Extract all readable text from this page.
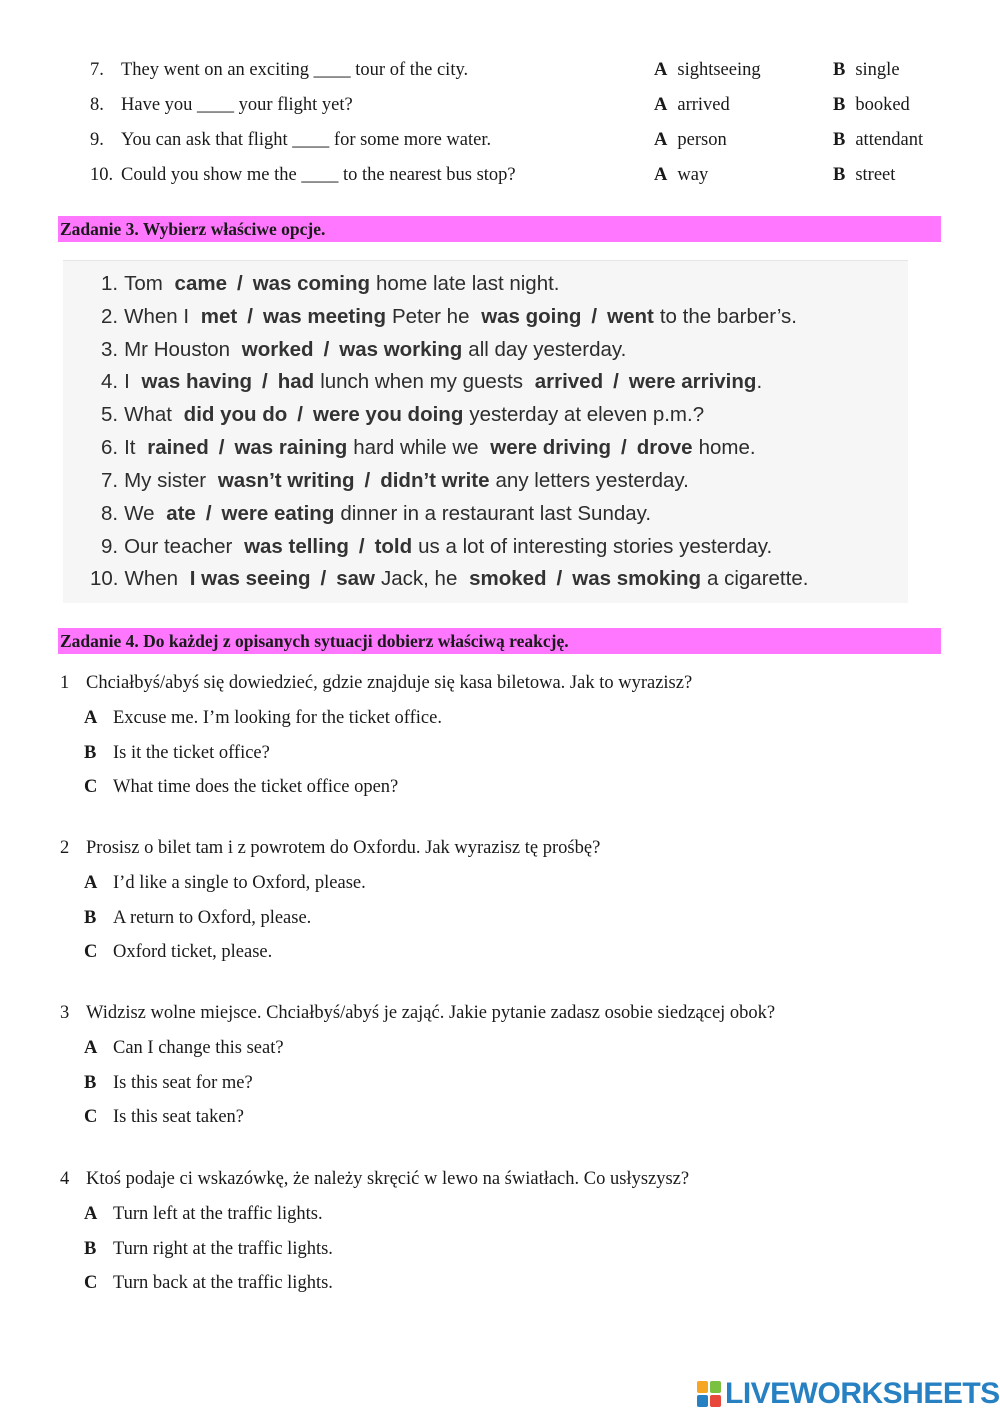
7. They went on an exciting ____ tour of the city.	A sightseeing	B single
8. Have you ____ your flight yet?	A arrived	B booked
9. You can ask that flight ____ for some more water.	A person	B attendant
10. Could you show me the ____ to the nearest bus stop?	A way	B street
Zadanie 3. Wybierz właściwe opcje.
1. Tom came / was coming home late last night.
2. When I met / was meeting Peter he was going / went to the barber’s.
3. Mr Houston worked / was working all day yesterday.
4. I was having / had lunch when my guests arrived / were arriving.
5. What did you do / were you doing yesterday at eleven p.m.?
6. It rained / was raining hard while we were driving / drove home.
7. My sister wasn’t writing / didn’t write any letters yesterday.
8. We ate / were eating dinner in a restaurant last Sunday.
9. Our teacher was telling / told us a lot of interesting stories yesterday.
10. When I was seeing / saw Jack, he smoked / was smoking a cigarette.
Zadanie 4. Do każdej z opisanych sytuacji dobierz właściwą reakcję.
1 Chciałbyś/abyś się dowiedzieć, gdzie znajduje się kasa biletowa. Jak to wyrazisz?
A Excuse me. I’m looking for the ticket office.
B Is it the ticket office?
C What time does the ticket office open?
2 Prosisz o bilet tam i z powrotem do Oxfordu. Jak wyrazisz tę prośbę?
A I’d like a single to Oxford, please.
B A return to Oxford, please.
C Oxford ticket, please.
3 Widzisz wolne miejsce. Chciałbyś/abyś je zająć. Jakie pytanie zadasz osobie siedzącej obok?
A Can I change this seat?
B Is this seat for me?
C Is this seat taken?
4 Ktoś podaje ci wskazówkę, że należy skręcić w lewo na światłach. Co usłyszysz?
A Turn left at the traffic lights.
B Turn right at the traffic lights.
C Turn back at the traffic lights.
LIVEWORKSHEETS
